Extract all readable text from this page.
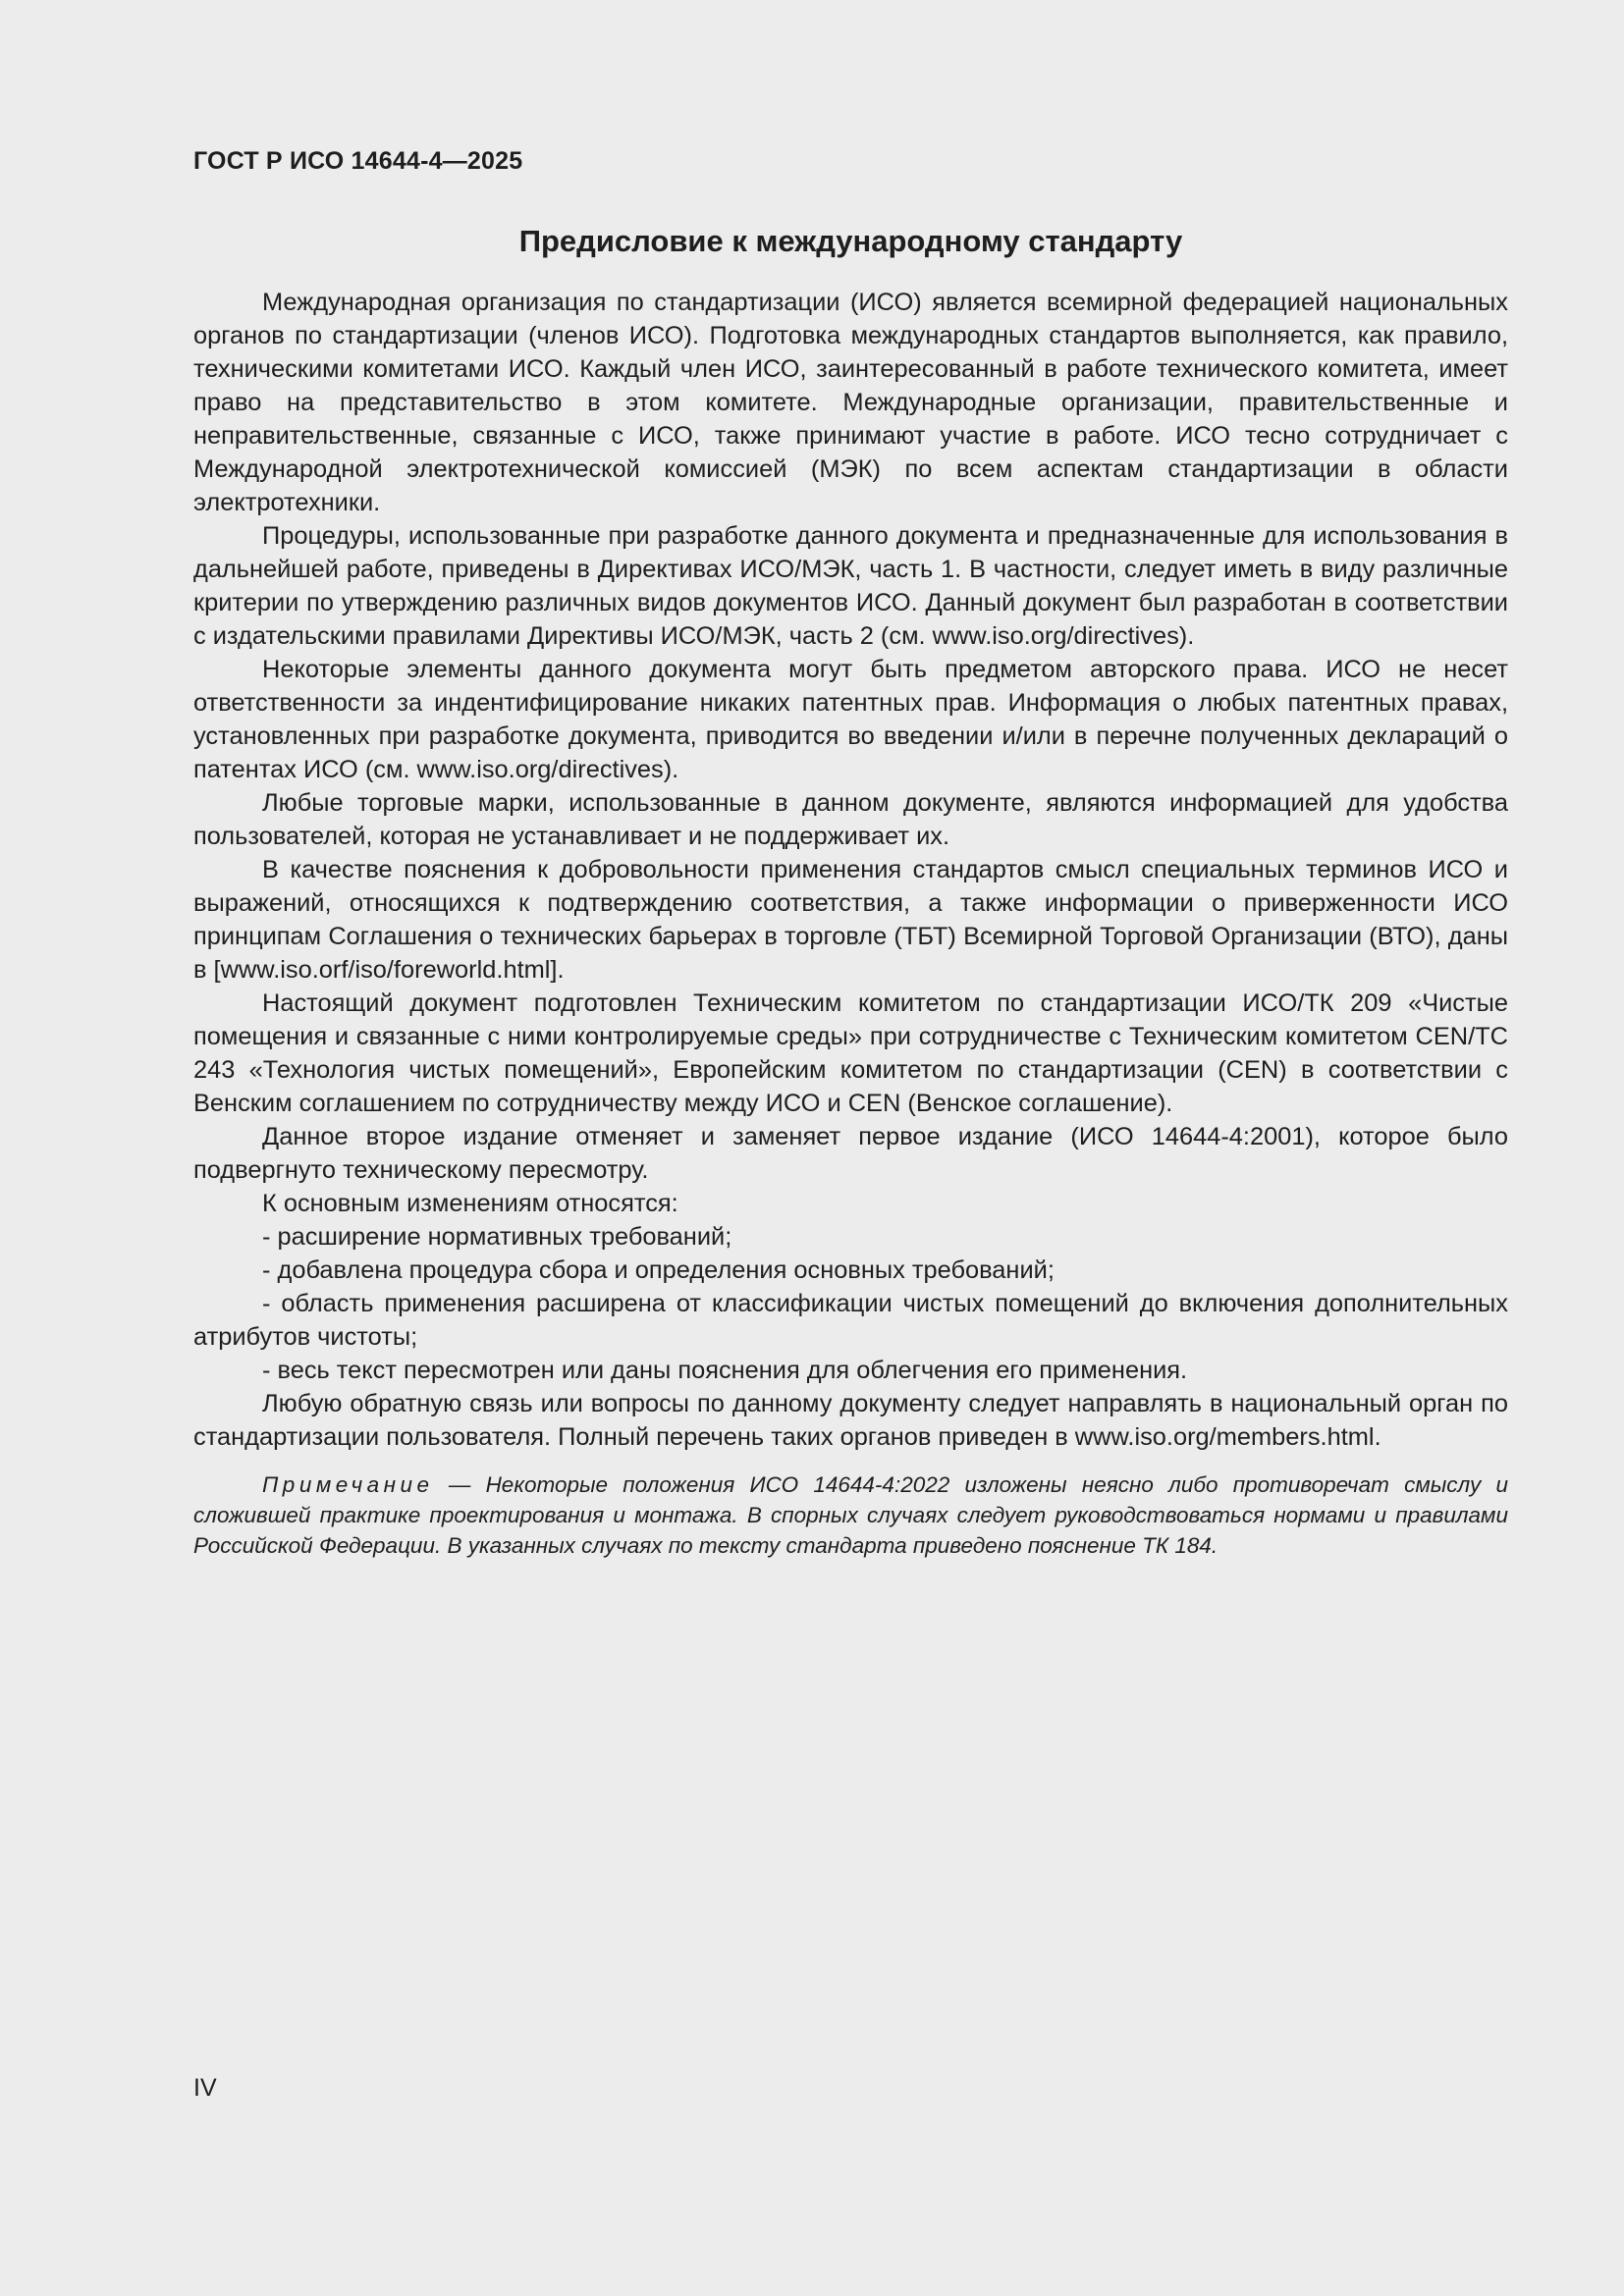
ГОСТ Р ИСО 14644-4—2025

Предисловие к международному стандарту

Международная организация по стандартизации (ИСО) является всемирной федерацией национальных органов по стандартизации (членов ИСО). Подготовка международных стандартов выполняется, как правило, техническими комитетами ИСО. Каждый член ИСО, заинтересованный в работе технического комитета, имеет право на представительство в этом комитете. Международные организации, правительственные и неправительственные, связанные с ИСО, также принимают участие в работе. ИСО тесно сотрудничает с Международной электротехнической комиссией (МЭК) по всем аспектам стандартизации в области электротехники.

Процедуры, использованные при разработке данного документа и предназначенные для использования в дальнейшей работе, приведены в Директивах ИСО/МЭК, часть 1. В частности, следует иметь в виду различные критерии по утверждению различных видов документов ИСО. Данный документ был разработан в соответствии с издательскими правилами Директивы ИСО/МЭК, часть 2 (см. www.iso.org/directives).

Некоторые элементы данного документа могут быть предметом авторского права. ИСО не несет ответственности за индентифицирование никаких патентных прав. Информация о любых патентных правах, установленных при разработке документа, приводится во введении и/или в перечне полученных деклараций о патентах ИСО (см. www.iso.org/directives).

Любые торговые марки, использованные в данном документе, являются информацией для удобства пользователей, которая не устанавливает и не поддерживает их.

В качестве пояснения к добровольности применения стандартов смысл специальных терминов ИСО и выражений, относящихся к подтверждению соответствия, а также информации о приверженности ИСО принципам Соглашения о технических барьерах в торговле (ТБТ) Всемирной Торговой Организации (ВТО), даны в [www.iso.orf/iso/foreworld.html].

Настоящий документ подготовлен Техническим комитетом по стандартизации ИСО/ТК 209 «Чистые помещения и связанные с ними контролируемые среды» при сотрудничестве с Техническим комитетом CEN/TC 243 «Технология чистых помещений», Европейским комитетом по стандартизации (CEN) в соответствии с Венским соглашением по сотрудничеству между ИСО и CEN (Венское соглашение).

Данное второе издание отменяет и заменяет первое издание (ИСО 14644-4:2001), которое было подвергнуто техническому пересмотру.

К основным изменениям относятся:

- расширение нормативных требований;

- добавлена процедура сбора и определения основных требований;

- область применения расширена от классификации чистых помещений до включения дополнительных атрибутов чистоты;

- весь текст пересмотрен или даны пояснения для облегчения его применения.

Любую обратную связь или вопросы по данному документу следует направлять в национальный орган по стандартизации пользователя. Полный перечень таких органов приведен в www.iso.org/members.html.

Примечание — Некоторые положения ИСО 14644-4:2022 изложены неясно либо противоречат смыслу и сложившей практике проектирования и монтажа. В спорных случаях следует руководствоваться нормами и правилами Российской Федерации. В указанных случаях по тексту стандарта приведено пояснение ТК 184.

IV
